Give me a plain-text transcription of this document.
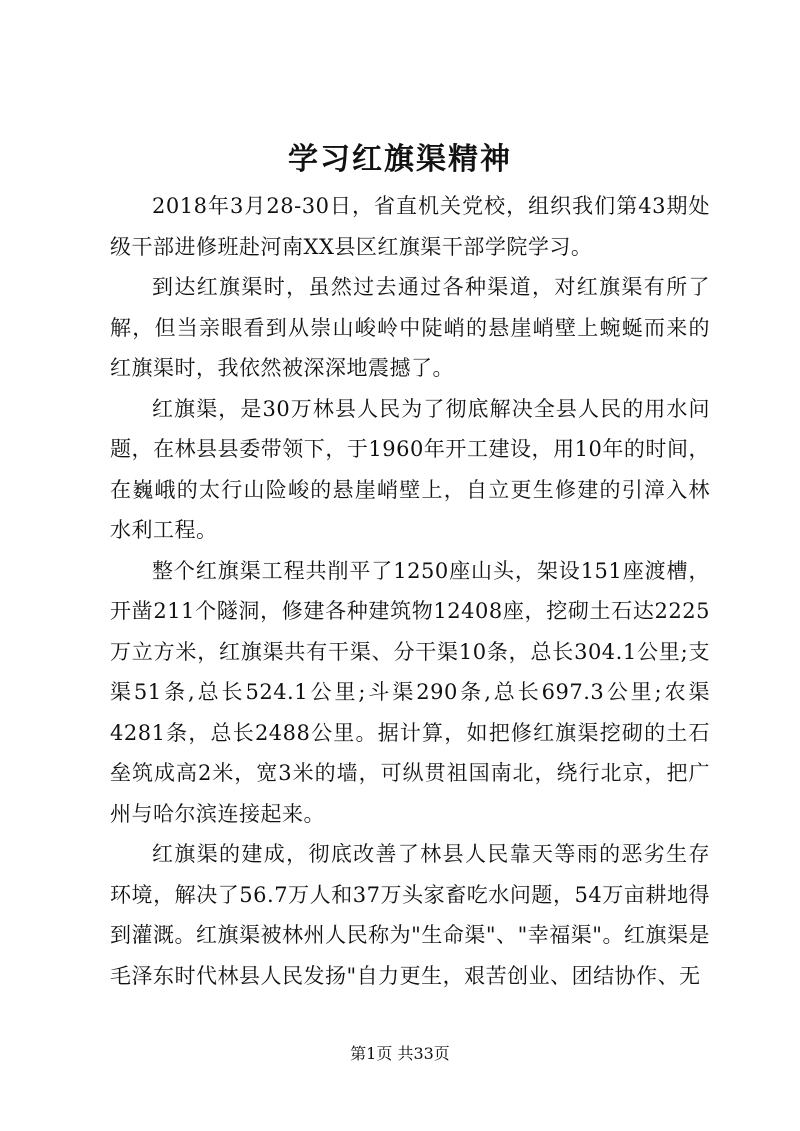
学习红旗渠精神

2018年3月28-30日，省直机关党校，组织我们第43期处级干部进修班赴河南XX县区红旗渠干部学院学习。

到达红旗渠时，虽然过去通过各种渠道，对红旗渠有所了解，但当亲眼看到从崇山峻岭中陡峭的悬崖峭壁上蜿蜒而来的红旗渠时，我依然被深深地震撼了。

红旗渠，是30万林县人民为了彻底解决全县人民的用水问题，在林县县委带领下，于1960年开工建设，用10年的时间，在巍峨的太行山险峻的悬崖峭壁上，自立更生修建的引漳入林水利工程。

整个红旗渠工程共削平了1250座山头，架设151座渡槽，开凿211个隧洞，修建各种建筑物12408座，挖砌土石达2225万立方米，红旗渠共有干渠、分干渠10条，总长304.1公里;支渠51条,总长524.1公里;斗渠290条,总长697.3公里;农渠4281条，总长2488公里。据计算，如把修红旗渠挖砌的土石垒筑成高2米，宽3米的墙，可纵贯祖国南北，绕行北京，把广州与哈尔滨连接起来。

红旗渠的建成，彻底改善了林县人民靠天等雨的恶劣生存环境，解决了56.7万人和37万头家畜吃水问题，54万亩耕地得到灌溉。红旗渠被林州人民称为"生命渠"、"幸福渠"。红旗渠是毛泽东时代林县人民发扬"自力更生，艰苦创业、团结协作、无

第1页 共33页
